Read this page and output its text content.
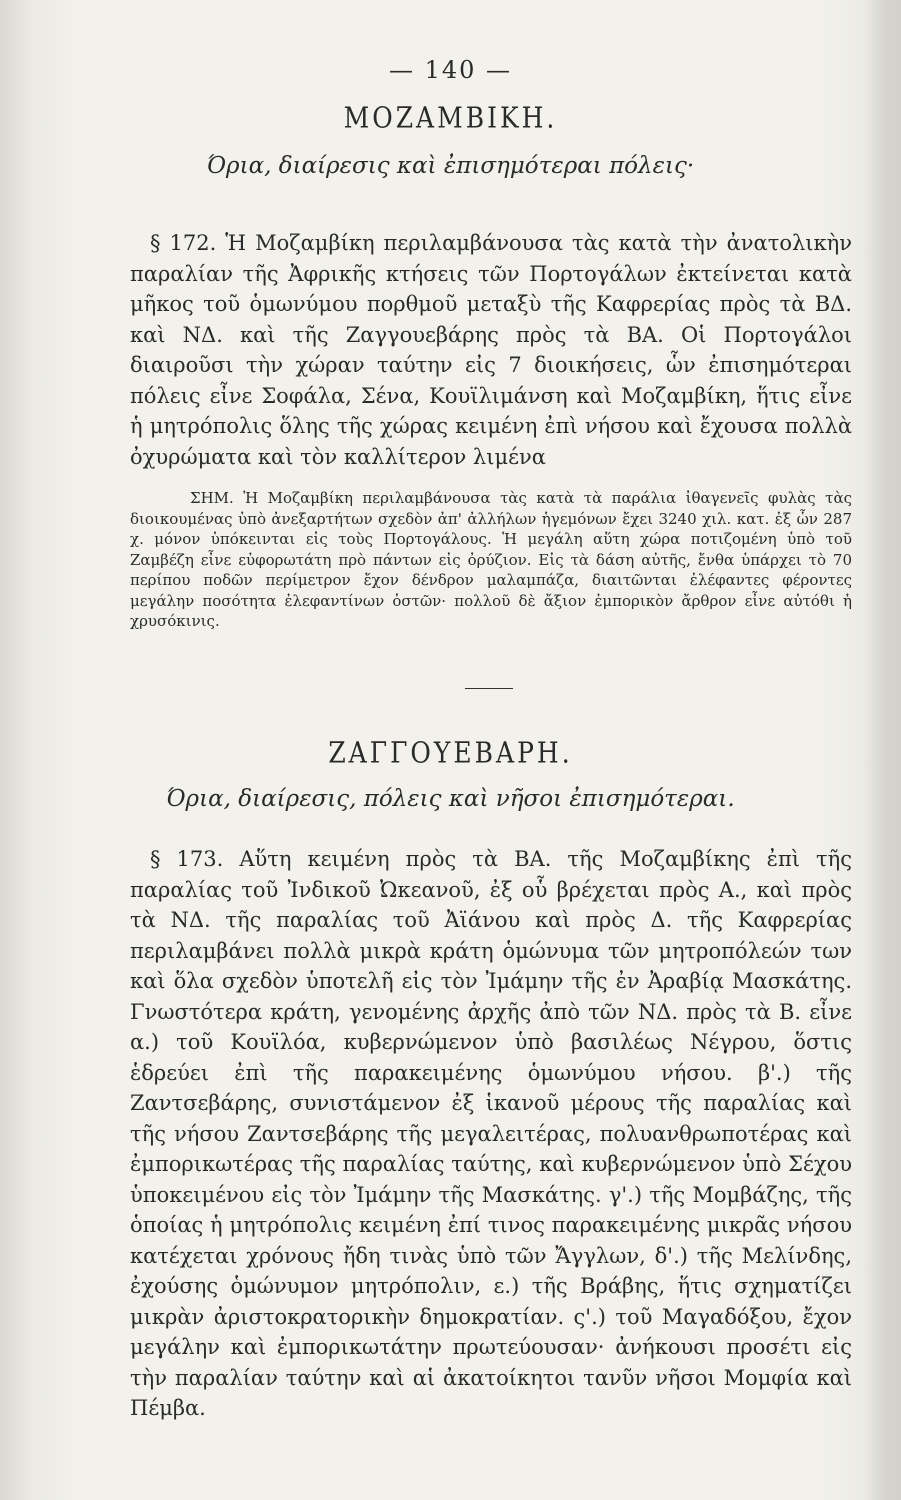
— 140 —
ΜΟΖΑΜΒΙΚΗ.
Όρια, διαίρεσις καὶ ἐπισημότεραι πόλεις·
§ 172. Ἡ Μοζαμβίκη περιλαμβάνουσα τὰς κατὰ τὴν ἀνατολικὴν παραλίαν τῆς Ἀφρικῆς κτήσεις τῶν Πορτογάλων ἐκτείνεται κατὰ μῆκος τοῦ ὁμωνύμου πορθμοῦ μεταξὺ τῆς Καφρερίας πρὸς τὰ ΒΔ. καὶ ΝΔ. καὶ τῆς Ζαγγουεβάρης πρὸς τὰ ΒΑ. Οἱ Πορτογάλοι διαιροῦσι τὴν χώραν ταύτην εἰς 7 διοικήσεις, ὧν ἐπισημότεραι πόλεις εἶνε Σοφάλα, Σένα, Κουϊλιμάνση καὶ Μοζαμβίκη, ἥτις εἶνε ἡ μητρόπολις ὅλης τῆς χώρας κειμένη ἐπὶ νήσου καὶ ἔχουσα πολλὰ ὀχυρώματα καὶ τὸν καλλίτερον λιμένα
ΣΗΜ. Ἡ Μοζαμβίκη περιλαμβάνουσα τὰς κατὰ τὰ παράλια ἰθαγενεῖς φυλὰς τὰς διοικουμένας ὑπὸ ἀνεξαρτήτων σχεδὸν ἀπ' ἀλλήλων ἡγεμόνων ἔχει 3240 χιλ. κατ. ἐξ ὧν 287 χ. μόνον ὑπόκεινται εἰς τοὺς Πορτογάλους. Ἡ μεγάλη αὕτη χώρα ποτιζομένη ὑπὸ τοῦ Ζαμβέζη εἶνε εὐφορωτάτη πρὸ πάντων εἰς ὀρύζιον. Εἰς τὰ δάση αὐτῆς, ἔνθα ὑπάρχει τὸ 70 περίπου ποδῶν περίμετρον ἔχον δένδρον μαλαμπάζα, διαιτῶνται ἐλέφαντες φέροντες μεγάλην ποσότητα ἐλεφαντίνων ὀστῶν· πολλοῦ δὲ ἄξιον ἐμπορικὸν ἄρθρον εἶνε αὐτόθι ἡ χρυσόκινις.
ΖΑΓΓΟΥΕΒΑΡΗ.
Όρια, διαίρεσις, πόλεις καὶ νῆσοι ἐπισημότεραι.
§ 173. Αὕτη κειμένη πρὸς τὰ ΒΑ. τῆς Μοζαμβίκης ἐπὶ τῆς παραλίας τοῦ Ἰνδικοῦ Ὠκεανοῦ, ἐξ οὗ βρέχεται πρὸς Α., καὶ πρὸς τὰ ΝΔ. τῆς παραλίας τοῦ Ἀϊάνου καὶ πρὸς Δ. τῆς Καφρερίας περιλαμβάνει πολλὰ μικρὰ κράτη ὁμώνυμα τῶν μητροπόλεών των καὶ ὅλα σχεδὸν ὑποτελῆ εἰς τὸν Ἰμάμην τῆς ἐν Ἀραβίᾳ Μασκάτης. Γνωστότερα κράτη, γενομένης ἀρχῆς ἀπὸ τῶν ΝΔ. πρὸς τὰ Β. εἶνε α.) τοῦ Κουϊλόα, κυβερνώμενον ὑπὸ βασιλέως Νέγρου, ὅστις ἑδρεύει ἐπὶ τῆς παρακειμένης ὁμωνύμου νήσου. β'.) τῆς Ζαντσεβάρης, συνιστάμενον ἐξ ἱκανοῦ μέρους τῆς παραλίας καὶ τῆς νήσου Ζαντσεβάρης τῆς μεγαλειτέρας, πολυανθρωποτέρας καὶ ἐμπορικωτέρας τῆς παραλίας ταύτης, καὶ κυβερνώμενον ὑπὸ Σέχου ὑποκειμένου εἰς τὸν Ἰμάμην τῆς Μασκάτης. γ'.) τῆς Μομβάζης, τῆς ὁποίας ἡ μητρόπολις κειμένη ἐπί τινος παρακειμένης μικρᾶς νήσου κατέχεται χρόνους ἤδη τινὰς ὑπὸ τῶν Ἄγγλων, δ'.) τῆς Μελίνδης, ἐχούσης ὁμώνυμον μητρόπολιν, ε.) τῆς Βράβης, ἥτις σχηματίζει μικρὰν ἀριστοκρατορικὴν δημοκρατίαν. ς'.) τοῦ Μαγαδόξου, ἔχον μεγάλην καὶ ἐμπορικωτάτην πρωτεύουσαν· ἀνήκουσι προσέτι εἰς τὴν παραλίαν ταύτην καὶ αἱ ἀκατοίκητοι τανῦν νῆσοι Μομφία καὶ Πέμβα.
